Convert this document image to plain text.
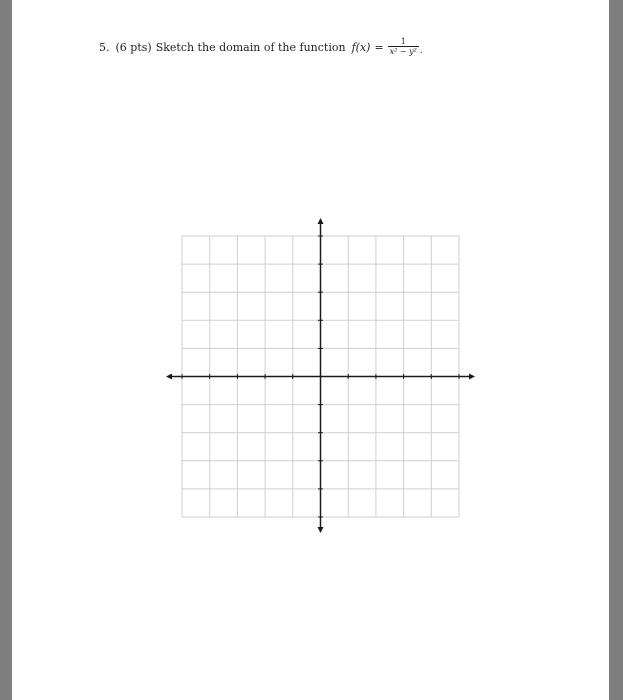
5. (6 pts) Sketch the domain of the function $f(x) = \frac{1}{\text{x² − y²}}$ .
